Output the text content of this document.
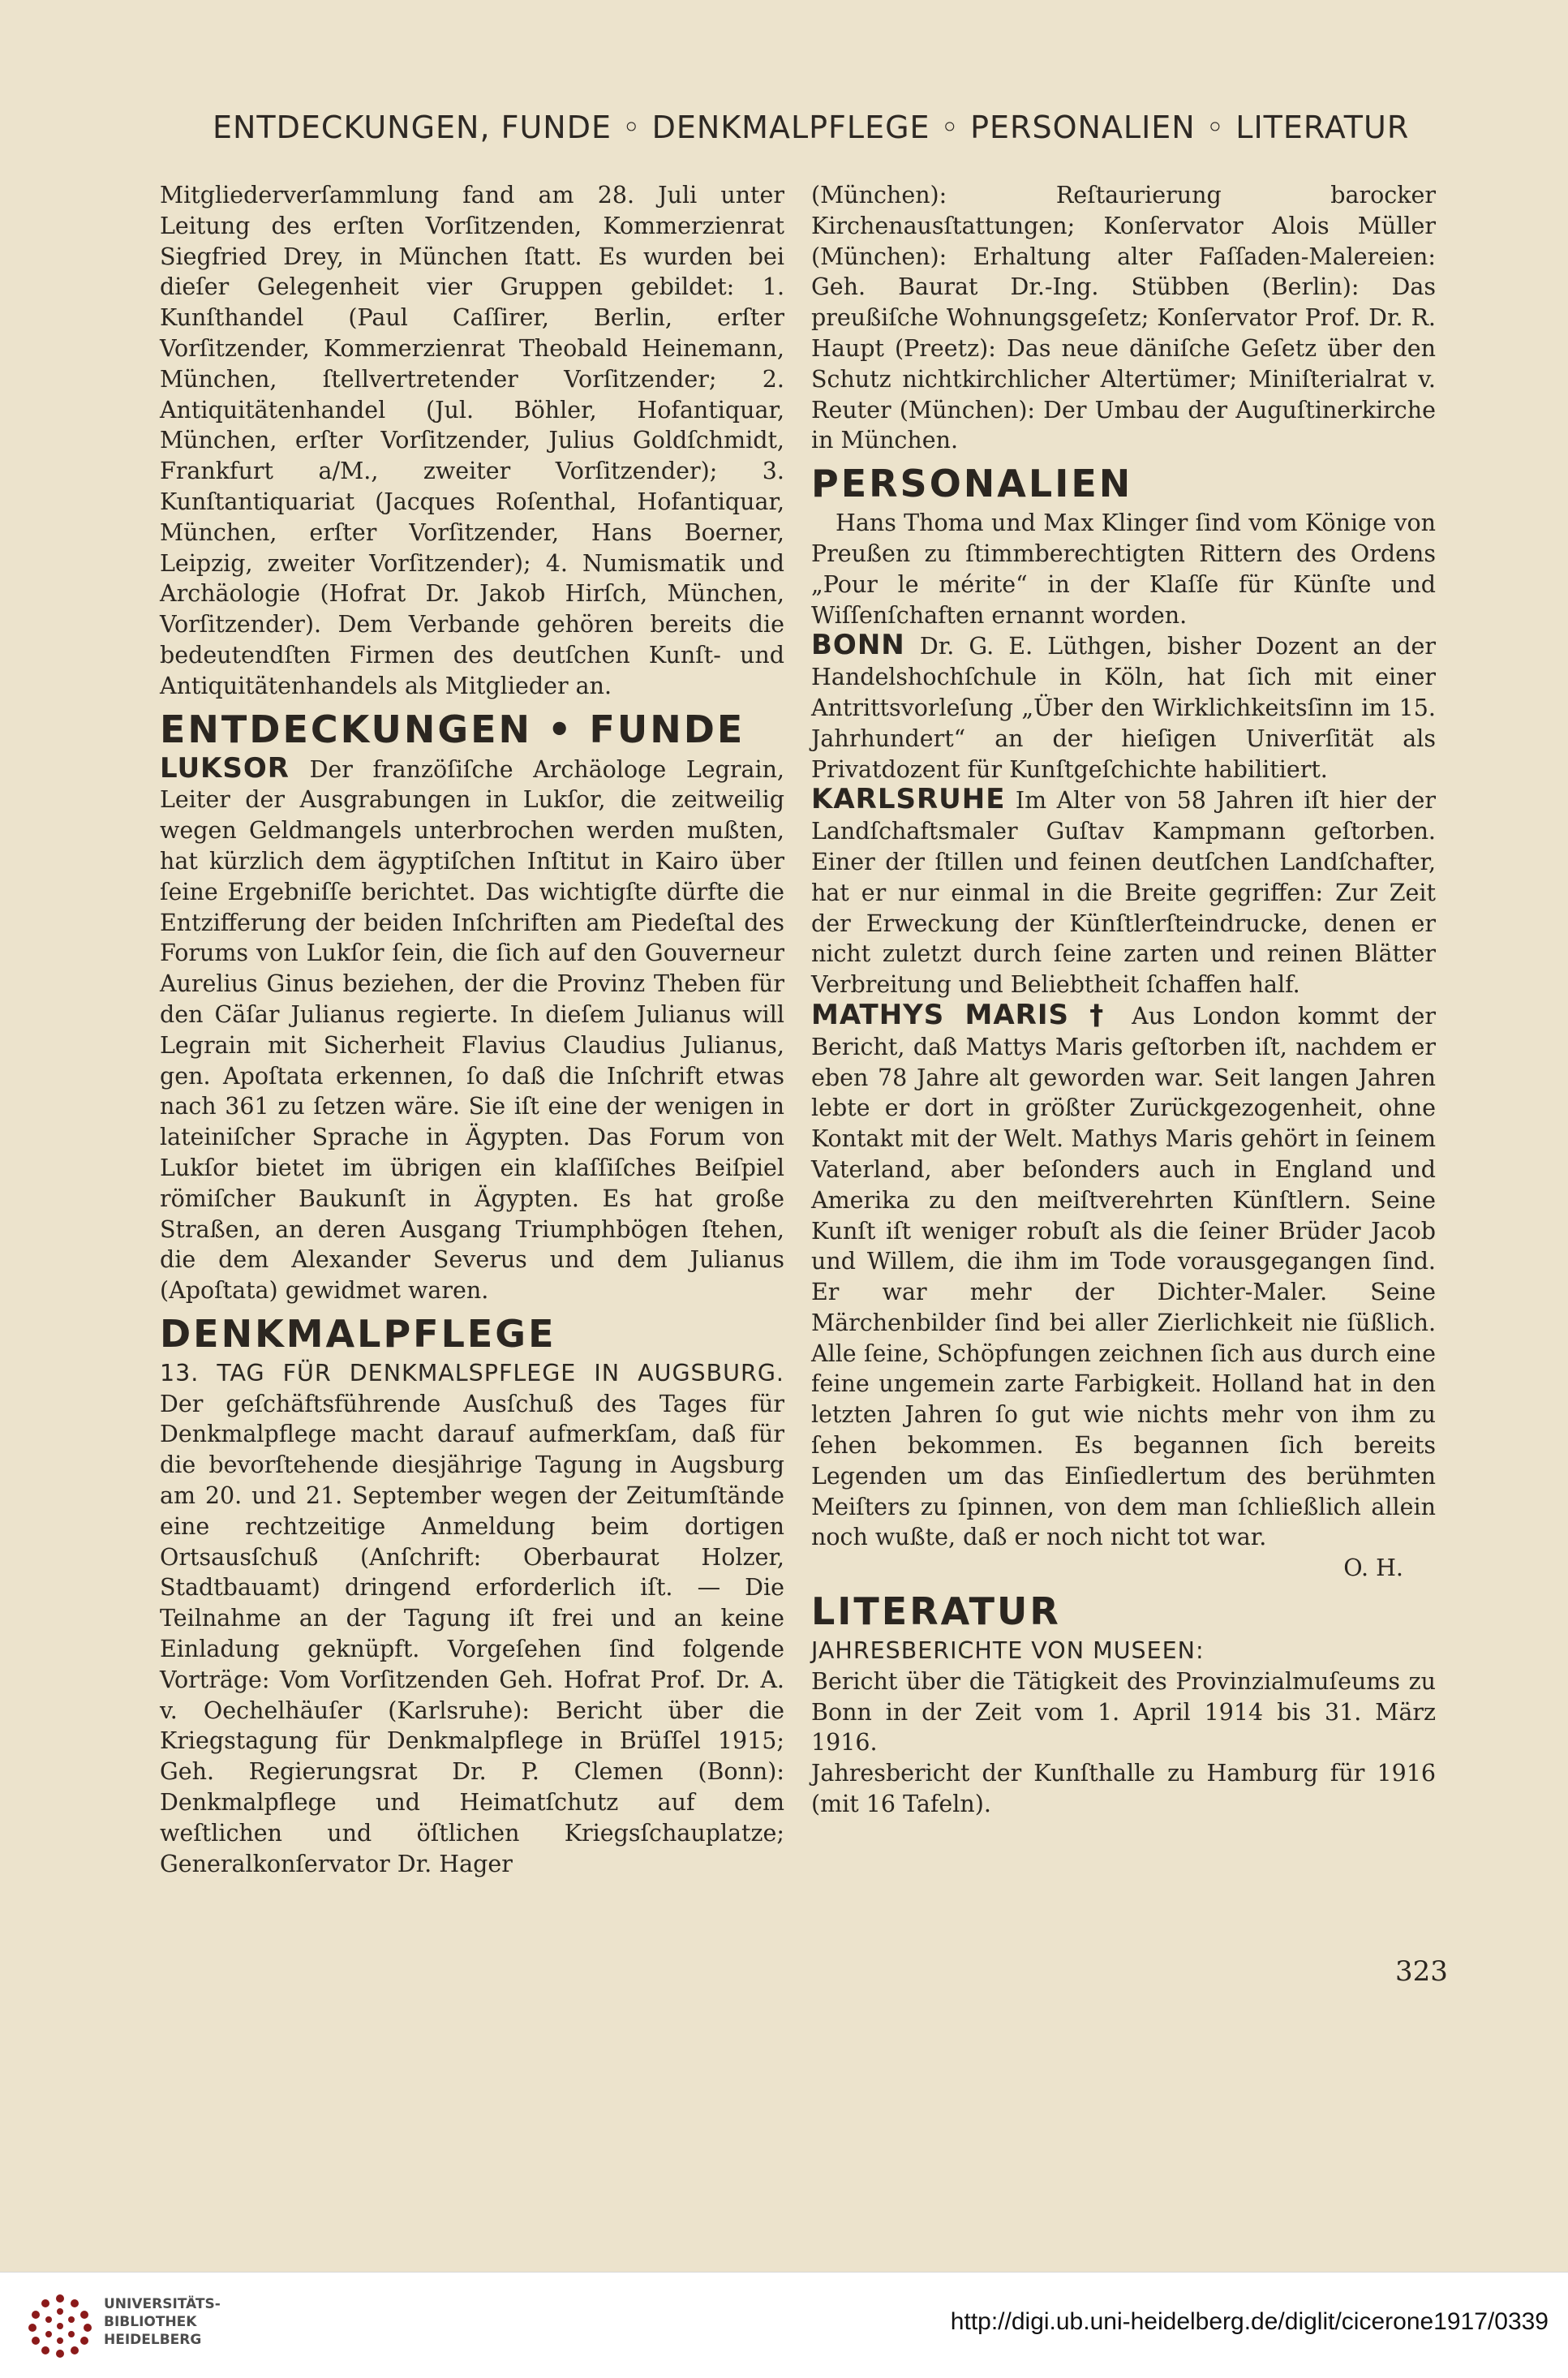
ENTDECKUNGEN, FUNDE ◦ DENKMALPFLEGE ◦ PERSONALIEN ◦ LITERATUR

Mitgliederverſammlung fand am 28. Juli unter Leitung des erſten Vorſitzenden, Kommerzienrat Siegfried Drey, in München ſtatt. Es wurden bei dieſer Gelegenheit vier Gruppen gebildet: 1. Kunſthandel (Paul Caſſirer, Berlin, erſter Vorſitzender, Kommerzienrat Theobald Heinemann, München, ſtellvertretender Vorſitzender; 2. Antiquitätenhandel (Jul. Böhler, Hofantiquar, München, erſter Vorſitzender, Julius Goldſchmidt, Frankfurt a/M., zweiter Vorſitzender); 3. Kunſtantiquariat (Jacques Roſenthal, Hofantiquar, München, erſter Vorſitzender, Hans Boerner, Leipzig, zweiter Vorſitzender); 4. Numismatik und Archäologie (Hofrat Dr. Jakob Hirſch, München, Vorſitzender). Dem Verbande gehören bereits die bedeutendſten Firmen des deutſchen Kunſt- und Antiquitätenhandels als Mitglieder an.

ENTDECKUNGEN • FUNDE

LUKSOR Der franzöſiſche Archäologe Legrain, Leiter der Ausgrabungen in Lukſor, die zeitweilig wegen Geldmangels unterbrochen werden mußten, hat kürzlich dem ägyptiſchen Inſtitut in Kairo über ſeine Ergebniſſe berichtet. Das wichtigſte dürfte die Entzifferung der beiden Inſchriften am Piedeſtal des Forums von Lukſor ſein, die ſich auf den Gouverneur Aurelius Ginus beziehen, der die Provinz Theben für den Cäſar Julianus regierte. In dieſem Julianus will Legrain mit Sicherheit Flavius Claudius Julianus, gen. Apoſtata erkennen, ſo daß die Inſchrift etwas nach 361 zu ſetzen wäre. Sie iſt eine der wenigen in lateiniſcher Sprache in Ägypten. Das Forum von Lukſor bietet im übrigen ein klaſſiſches Beiſpiel römiſcher Baukunſt in Ägypten. Es hat große Straßen, an deren Ausgang Triumphbögen ſtehen, die dem Alexander Severus und dem Julianus (Apoſtata) gewidmet waren.

DENKMALPFLEGE

13. TAG FÜR DENKMALSPFLEGE IN AUGSBURG. Der geſchäftsführende Ausſchuß des Tages für Denkmalpflege macht darauf aufmerkſam, daß für die bevorſtehende diesjährige Tagung in Augsburg am 20. und 21. September wegen der Zeitumſtände eine rechtzeitige Anmeldung beim dortigen Ortsausſchuß (Anſchrift: Oberbaurat Holzer, Stadtbauamt) dringend erforderlich iſt. — Die Teilnahme an der Tagung iſt frei und an keine Einladung geknüpft. Vorgeſehen ſind folgende Vorträge: Vom Vorſitzenden Geh. Hofrat Prof. Dr. A. v. Oechelhäuſer (Karlsruhe): Bericht über die Kriegstagung für Denkmalpflege in Brüſſel 1915; Geh. Regierungsrat Dr. P. Clemen (Bonn): Denkmalpflege und Heimatſchutz auf dem weſtlichen und öſtlichen Kriegsſchauplatze; Generalkonſervator Dr. Hager

(München): Reſtaurierung barocker Kirchenausſtattungen; Konſervator Alois Müller (München): Erhaltung alter Faſſaden-Malereien: Geh. Baurat Dr.-Ing. Stübben (Berlin): Das preußiſche Wohnungsgeſetz; Konſervator Prof. Dr. R. Haupt (Preetz): Das neue däniſche Geſetz über den Schutz nichtkirchlicher Altertümer; Miniſterialrat v. Reuter (München): Der Umbau der Auguſtinerkirche in München.

PERSONALIEN

Hans Thoma und Max Klinger ſind vom Könige von Preußen zu ſtimmberechtigten Rittern des Ordens „Pour le mérite“ in der Klaſſe für Künſte und Wiſſenſchaften ernannt worden.

BONN Dr. G. E. Lüthgen, bisher Dozent an der Handelshochſchule in Köln, hat ſich mit einer Antrittsvorleſung „Über den Wirklichkeitsſinn im 15. Jahrhundert“ an der hieſigen Univerſität als Privatdozent für Kunſtgeſchichte habilitiert.

KARLSRUHE Im Alter von 58 Jahren iſt hier der Landſchaftsmaler Guſtav Kampmann geſtorben. Einer der ſtillen und feinen deutſchen Landſchafter, hat er nur einmal in die Breite gegriffen: Zur Zeit der Erweckung der Künſtlerſteindrucke, denen er nicht zuletzt durch ſeine zarten und reinen Blätter Verbreitung und Beliebtheit ſchaffen half.

MATHYS MARIS † Aus London kommt der Bericht, daß Mattys Maris geſtorben iſt, nachdem er eben 78 Jahre alt geworden war. Seit langen Jahren lebte er dort in größter Zurückgezogenheit, ohne Kontakt mit der Welt. Mathys Maris gehört in ſeinem Vaterland, aber beſonders auch in England und Amerika zu den meiſtverehrten Künſtlern. Seine Kunſt iſt weniger robuſt als die ſeiner Brüder Jacob und Willem, die ihm im Tode vorausgegangen ſind. Er war mehr der Dichter-Maler. Seine Märchenbilder ſind bei aller Zierlichkeit nie ſüßlich. Alle ſeine, Schöpfungen zeichnen ſich aus durch eine feine ungemein zarte Farbigkeit. Holland hat in den letzten Jahren ſo gut wie nichts mehr von ihm zu ſehen bekommen. Es begannen ſich bereits Legenden um das Einſiedlertum des berühmten Meiſters zu ſpinnen, von dem man ſchließlich allein noch wußte, daß er noch nicht tot war.

O. H.

LITERATUR

JAHRESBERICHTE VON MUSEEN:

Bericht über die Tätigkeit des Provinzialmuſeums zu Bonn in der Zeit vom 1. April 1914 bis 31. März 1916.

Jahresbericht der Kunſthalle zu Hamburg für 1916 (mit 16 Tafeln).

323
UNIVERSITÄTS-
BIBLIOTHEK
HEIDELBERG
http://digi.ub.uni-heidelberg.de/diglit/cicerone1917/0339
